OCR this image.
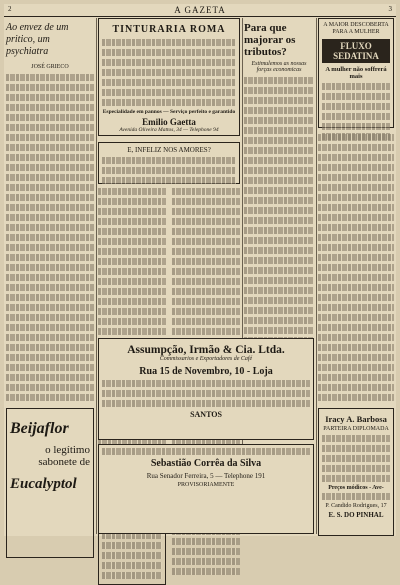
2	A GAZETA	3
Ao envez de um pritico, um psychiatra
JOSÉ GRIECO
Beijaflor
o legítimo
sabonete de
Eucalyptol
TINTURARIA ROMA
Especialidade em pannos — Serviço perfeito e garantido
Emilio Gaetta
Avenida Oliveira Mattos, 34 — Telephone 94
E, INFELIZ NOS AMORES?
Para que majorar os tributos?
Estimulemos as nossas forças economicas
Assumpção, Irmão & Cia. Ltda.
Commissarios e Exportadores de Café
Rua 15 de Novembro, 10 - Loja
SANTOS
Sebastião Corrêa da Silva
Rua Senador Ferreira, 5 — Telephone 191
PROVISORIAMENTE
A MAIOR DESCOBERTA PARA A MULHER
FLUXO SEDATINA
A mulher não soffrerá mais
Iracy A. Barbosa
PARTEIRA DIPLOMADA
Preços módicos - Ave-
P. Candido Rodrigues, 17
E. S. DO PINHAL
